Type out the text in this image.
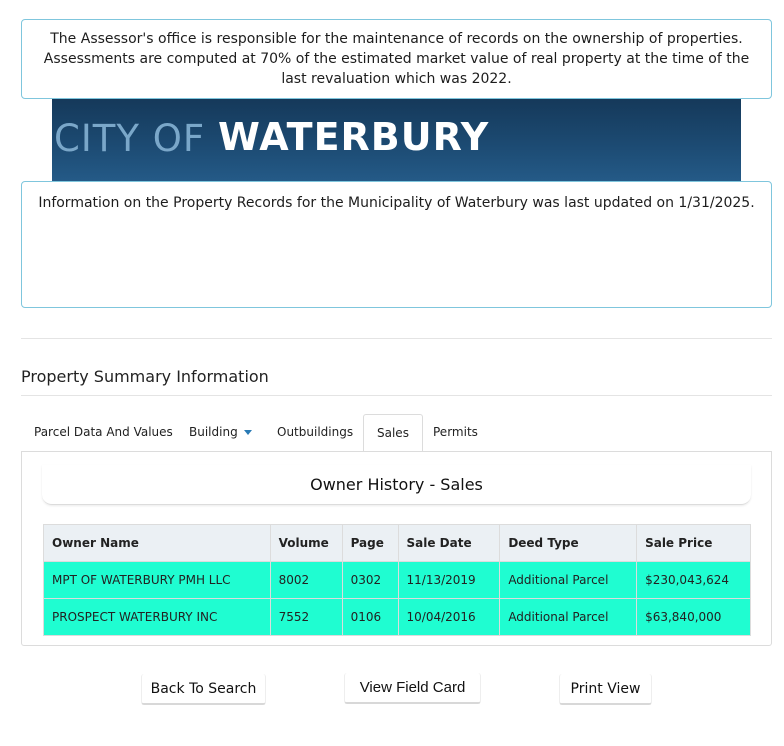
The Assessor's office is responsible for the maintenance of records on the ownership of properties. Assessments are computed at 70% of the estimated market value of real property at the time of the last revaluation which was 2022.
CITY OF WATERBURY
Information on the Property Records for the Municipality of Waterbury was last updated on 1/31/2025.
Property Summary Information
Parcel Data And Values	Building	Outbuildings	Sales	Permits
Owner History - Sales
Owner Name	Volume	Page	Sale Date	Deed Type	Sale Price
MPT OF WATERBURY PMH LLC	8002	0302	11/13/2019	Additional Parcel	$230,043,624
PROSPECT WATERBURY INC	7552	0106	10/04/2016	Additional Parcel	$63,840,000
Back To Search	View Field Card	Print View
